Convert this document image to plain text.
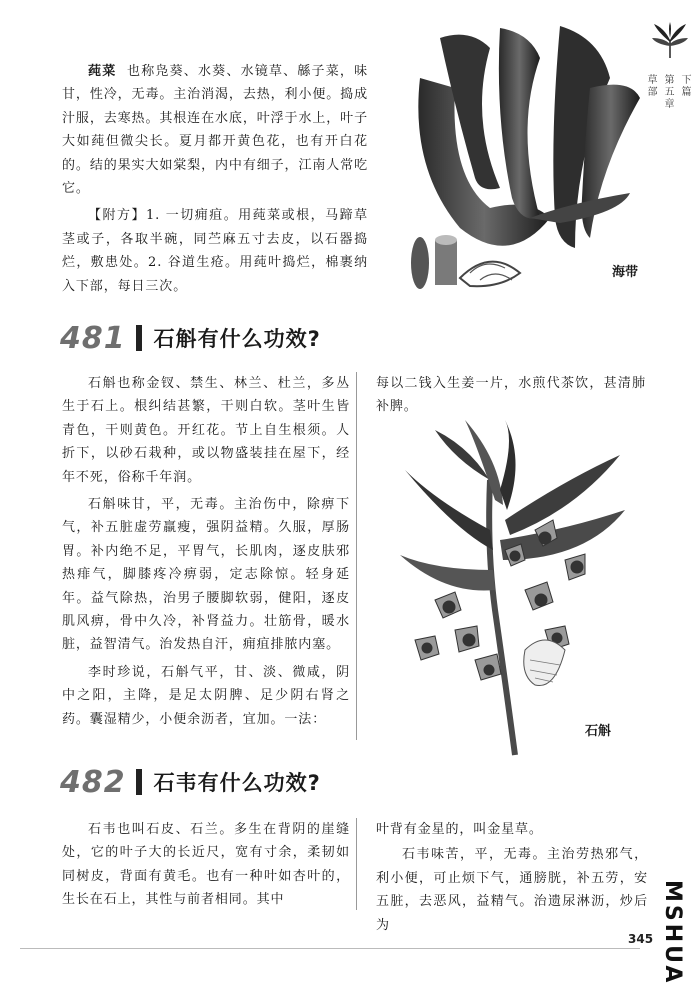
下篇
第五章
草部

莼菜 也称凫葵、水葵、水镜草、緜子菜，味甘，性冷，无毒。主治消渴，去热，利小便。捣成汁服，去寒热。其根连在水底，叶浮于水上，叶子大如莼但微尖长。夏月都开黄色花，也有开白花的。结的果实大如棠梨，内中有细子，江南人常吃它。

【附方】1. 一切痈疽。用莼菜或根，马蹄草茎或子，各取半碗，同苎麻五寸去皮，以石器捣烂，敷患处。2. 谷道生疮。用莼叶捣烂，棉裹纳入下部，每日三次。

海带
481 石斛有什么功效?

石斛也称金钗、禁生、林兰、杜兰，多丛生于石上。根纠结甚繁，干则白软。茎叶生皆青色，干则黄色。开红花。节上自生根须。人折下，以砂石栽种，或以物盛装挂在屋下，经年不死，俗称千年润。

石斛味甘，平，无毒。主治伤中，除痹下气，补五脏虚劳羸瘦，强阴益精。久服，厚肠胃。补内绝不足，平胃气，长肌肉，逐皮肤邪热痱气，脚膝疼冷痹弱，定志除惊。轻身延年。益气除热，治男子腰脚软弱，健阳，逐皮肌风痹，骨中久冷，补肾益力。壮筋骨，暖水脏，益智清气。治发热自汗，痈疽排脓内塞。

李时珍说，石斛气平，甘、淡、微咸，阴中之阳，主降，是足太阴脾、足少阴右肾之药。囊湿精少，小便余沥者，宜加。一法：

每以二钱入生姜一片，水煎代茶饮，甚清肺补脾。

石斛
482 石韦有什么功效?

石韦也叫石皮、石兰。多生在背阴的崖缝处，它的叶子大的长近尺，宽有寸余，柔韧如同树皮，背面有黄毛。也有一种叶如杏叶的，生长在石上，其性与前者相同。其中

叶背有金星的，叫金星草。

石韦味苦，平，无毒。主治劳热邪气，利小便，可止烦下气，通膀胱，补五劳，安五脏，去恶风，益精气。治遗尿淋沥，炒后为

345 MSHUA
